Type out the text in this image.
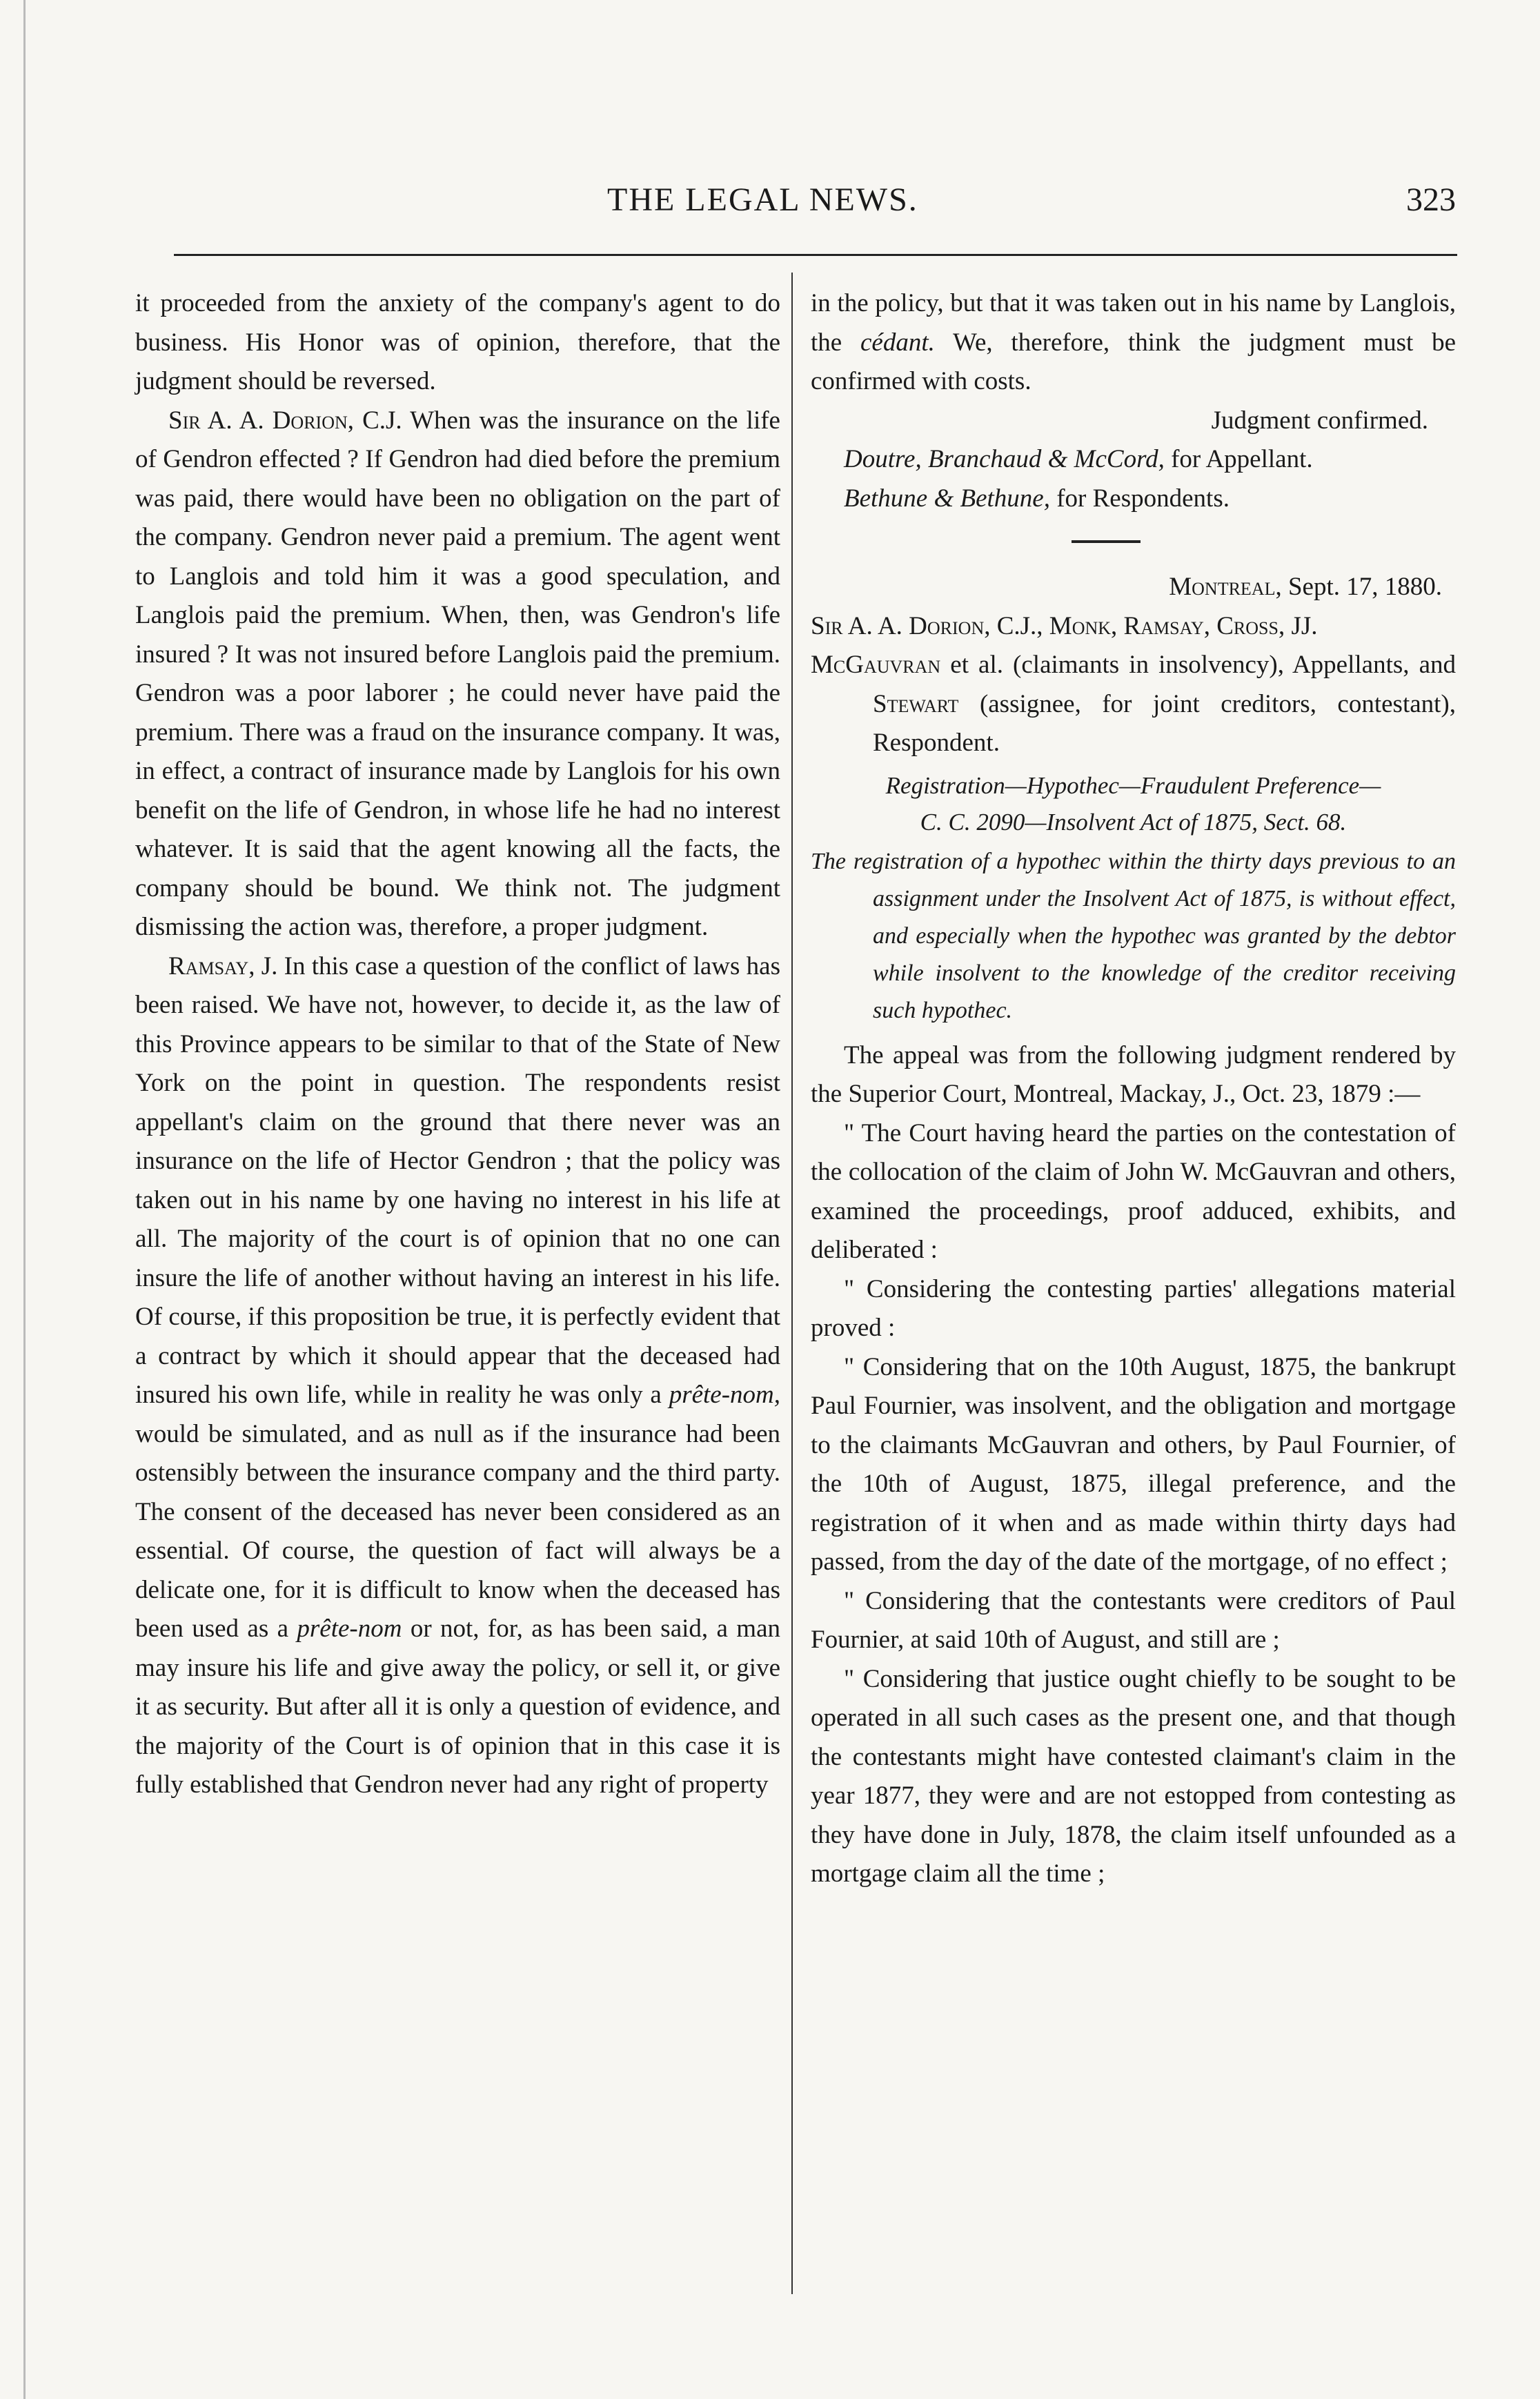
THE LEGAL NEWS.	323

it proceeded from the anxiety of the company's agent to do business. His Honor was of opinion, therefore, that the judgment should be reversed.

Sir A. A. Dorion, C.J. When was the insurance on the life of Gendron effected ? If Gendron had died before the premium was paid, there would have been no obligation on the part of the company. Gendron never paid a premium. The agent went to Langlois and told him it was a good speculation, and Langlois paid the premium. When, then, was Gendron's life insured ? It was not insured before Langlois paid the premium. Gendron was a poor laborer ; he could never have paid the premium. There was a fraud on the insurance company. It was, in effect, a contract of insurance made by Langlois for his own benefit on the life of Gendron, in whose life he had no interest whatever. It is said that the agent knowing all the facts, the company should be bound. We think not. The judgment dismissing the action was, therefore, a proper judgment.

Ramsay, J. In this case a question of the conflict of laws has been raised. We have not, however, to decide it, as the law of this Province appears to be similar to that of the State of New York on the point in question. The respondents resist appellant's claim on the ground that there never was an insurance on the life of Hector Gendron ; that the policy was taken out in his name by one having no interest in his life at all. The majority of the court is of opinion that no one can insure the life of another without having an interest in his life. Of course, if this proposition be true, it is perfectly evident that a contract by which it should appear that the deceased had insured his own life, while in reality he was only a prête-nom, would be simulated, and as null as if the insurance had been ostensibly between the insurance company and the third party. The consent of the deceased has never been considered as an essential. Of course, the question of fact will always be a delicate one, for it is difficult to know when the deceased has been used as a prête-nom or not, for, as has been said, a man may insure his life and give away the policy, or sell it, or give it as security. But after all it is only a question of evidence, and the majority of the Court is of opinion that in this case it is fully established that Gendron never had any right of property

in the policy, but that it was taken out in his name by Langlois, the cédant. We, therefore, think the judgment must be confirmed with costs.

Judgment confirmed.

Doutre, Branchaud & McCord, for Appellant.

Bethune & Bethune, for Respondents.

Montreal, Sept. 17, 1880.

Sir A. A. Dorion, C.J., Monk, Ramsay, Cross, JJ.

McGauvran et al. (claimants in insolvency), Appellants, and Stewart (assignee, for joint creditors, contestant), Respondent.

Registration—Hypothec—Fraudulent Preference—
C. C. 2090—Insolvent Act of 1875, Sect. 68.

The registration of a hypothec within the thirty days previous to an assignment under the Insolvent Act of 1875, is without effect, and especially when the hypothec was granted by the debtor while insolvent to the knowledge of the creditor receiving such hypothec.

The appeal was from the following judgment rendered by the Superior Court, Montreal, Mackay, J., Oct. 23, 1879 :—

" The Court having heard the parties on the contestation of the collocation of the claim of John W. McGauvran and others, examined the proceedings, proof adduced, exhibits, and deliberated :

" Considering the contesting parties' allegations material proved :

" Considering that on the 10th August, 1875, the bankrupt Paul Fournier, was insolvent, and the obligation and mortgage to the claimants McGauvran and others, by Paul Fournier, of the 10th of August, 1875, illegal preference, and the registration of it when and as made within thirty days had passed, from the day of the date of the mortgage, of no effect ;

" Considering that the contestants were creditors of Paul Fournier, at said 10th of August, and still are ;

" Considering that justice ought chiefly to be sought to be operated in all such cases as the present one, and that though the contestants might have contested claimant's claim in the year 1877, they were and are not estopped from contesting as they have done in July, 1878, the claim itself unfounded as a mortgage claim all the time ;
